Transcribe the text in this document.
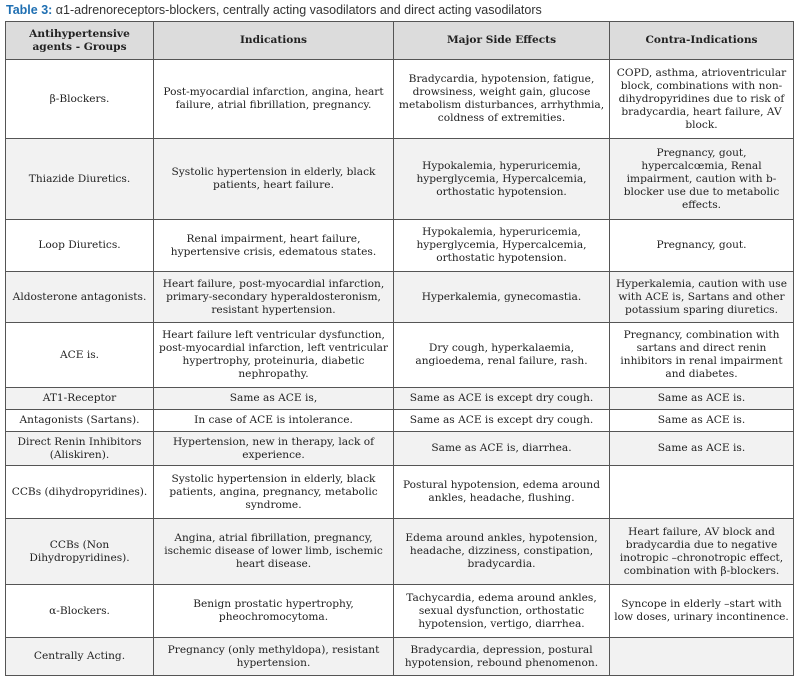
Table 3: α1-adrenoreceptors-blockers, centrally acting vasodilators and direct acting vasodilators
Antihypertensive agents - Groups	Indications	Major Side Effects	Contra-Indications
β-Blockers.	Post-myocardial infarction, angina, heart failure, atrial fibrillation, pregnancy.	Bradycardia, hypotension, fatigue, drowsiness, weight gain, glucose metabolism disturbances, arrhythmia, coldness of extremities.	COPD, asthma, atrioventricular block, combinations with non-dihydropyridines due to risk of bradycardia, heart failure, AV block.
Thiazide Diuretics.	Systolic hypertension in elderly, black patients, heart failure.	Hypokalemia, hyperuricemia, hyperglycemia, Hypercalcemia, orthostatic hypotension.	Pregnancy, gout, hypercalcœmia, Renal impairment, caution with b-blocker use due to metabolic effects.
Loop Diuretics.	Renal impairment, heart failure, hypertensive crisis, edematous states.	Hypokalemia, hyperuricemia, hyperglycemia, Hypercalcemia, orthostatic hypotension.	Pregnancy, gout.
Aldosterone antagonists.	Heart failure, post-myocardial infarction, primary-secondary hyperaldosteronism, resistant hypertension.	Hyperkalemia, gynecomastia.	Hyperkalemia, caution with use with ACE is, Sartans and other potassium sparing diuretics.
ACE is.	Heart failure left ventricular dysfunction, post-myocardial infarction, left ventricular hypertrophy, proteinuria, diabetic nephropathy.	Dry cough, hyperkalaemia, angioedema, renal failure, rash.	Pregnancy, combination with sartans and direct renin inhibitors in renal impairment and diabetes.
AT1-Receptor	Same as ACE is,	Same as ACE is except dry cough.	Same as ACE is.
Antagonists (Sartans).	In case of ACE is intolerance.	Same as ACE is except dry cough.	Same as ACE is.
Direct Renin Inhibitors (Aliskiren).	Hypertension, new in therapy, lack of experience.	Same as ACE is, diarrhea.	Same as ACE is.
CCBs (dihydropyridines).	Systolic hypertension in elderly, black patients, angina, pregnancy, metabolic syndrome.	Postural hypotension, edema around ankles, headache, flushing.	
CCBs (Non Dihydropyridines).	Angina, atrial fibrillation, pregnancy, ischemic disease of lower limb, ischemic heart disease.	Edema around ankles, hypotension, headache, dizziness, constipation, bradycardia.	Heart failure, AV block and bradycardia due to negative inotropic –chronotropic effect, combination with β-blockers.
α-Blockers.	Benign prostatic hypertrophy, pheochromocytoma.	Tachycardia, edema around ankles, sexual dysfunction, orthostatic hypotension, vertigo, diarrhea.	Syncope in elderly –start with low doses, urinary incontinence.
Centrally Acting.	Pregnancy (only methyldopa), resistant hypertension.	Bradycardia, depression, postural hypotension, rebound phenomenon.	
